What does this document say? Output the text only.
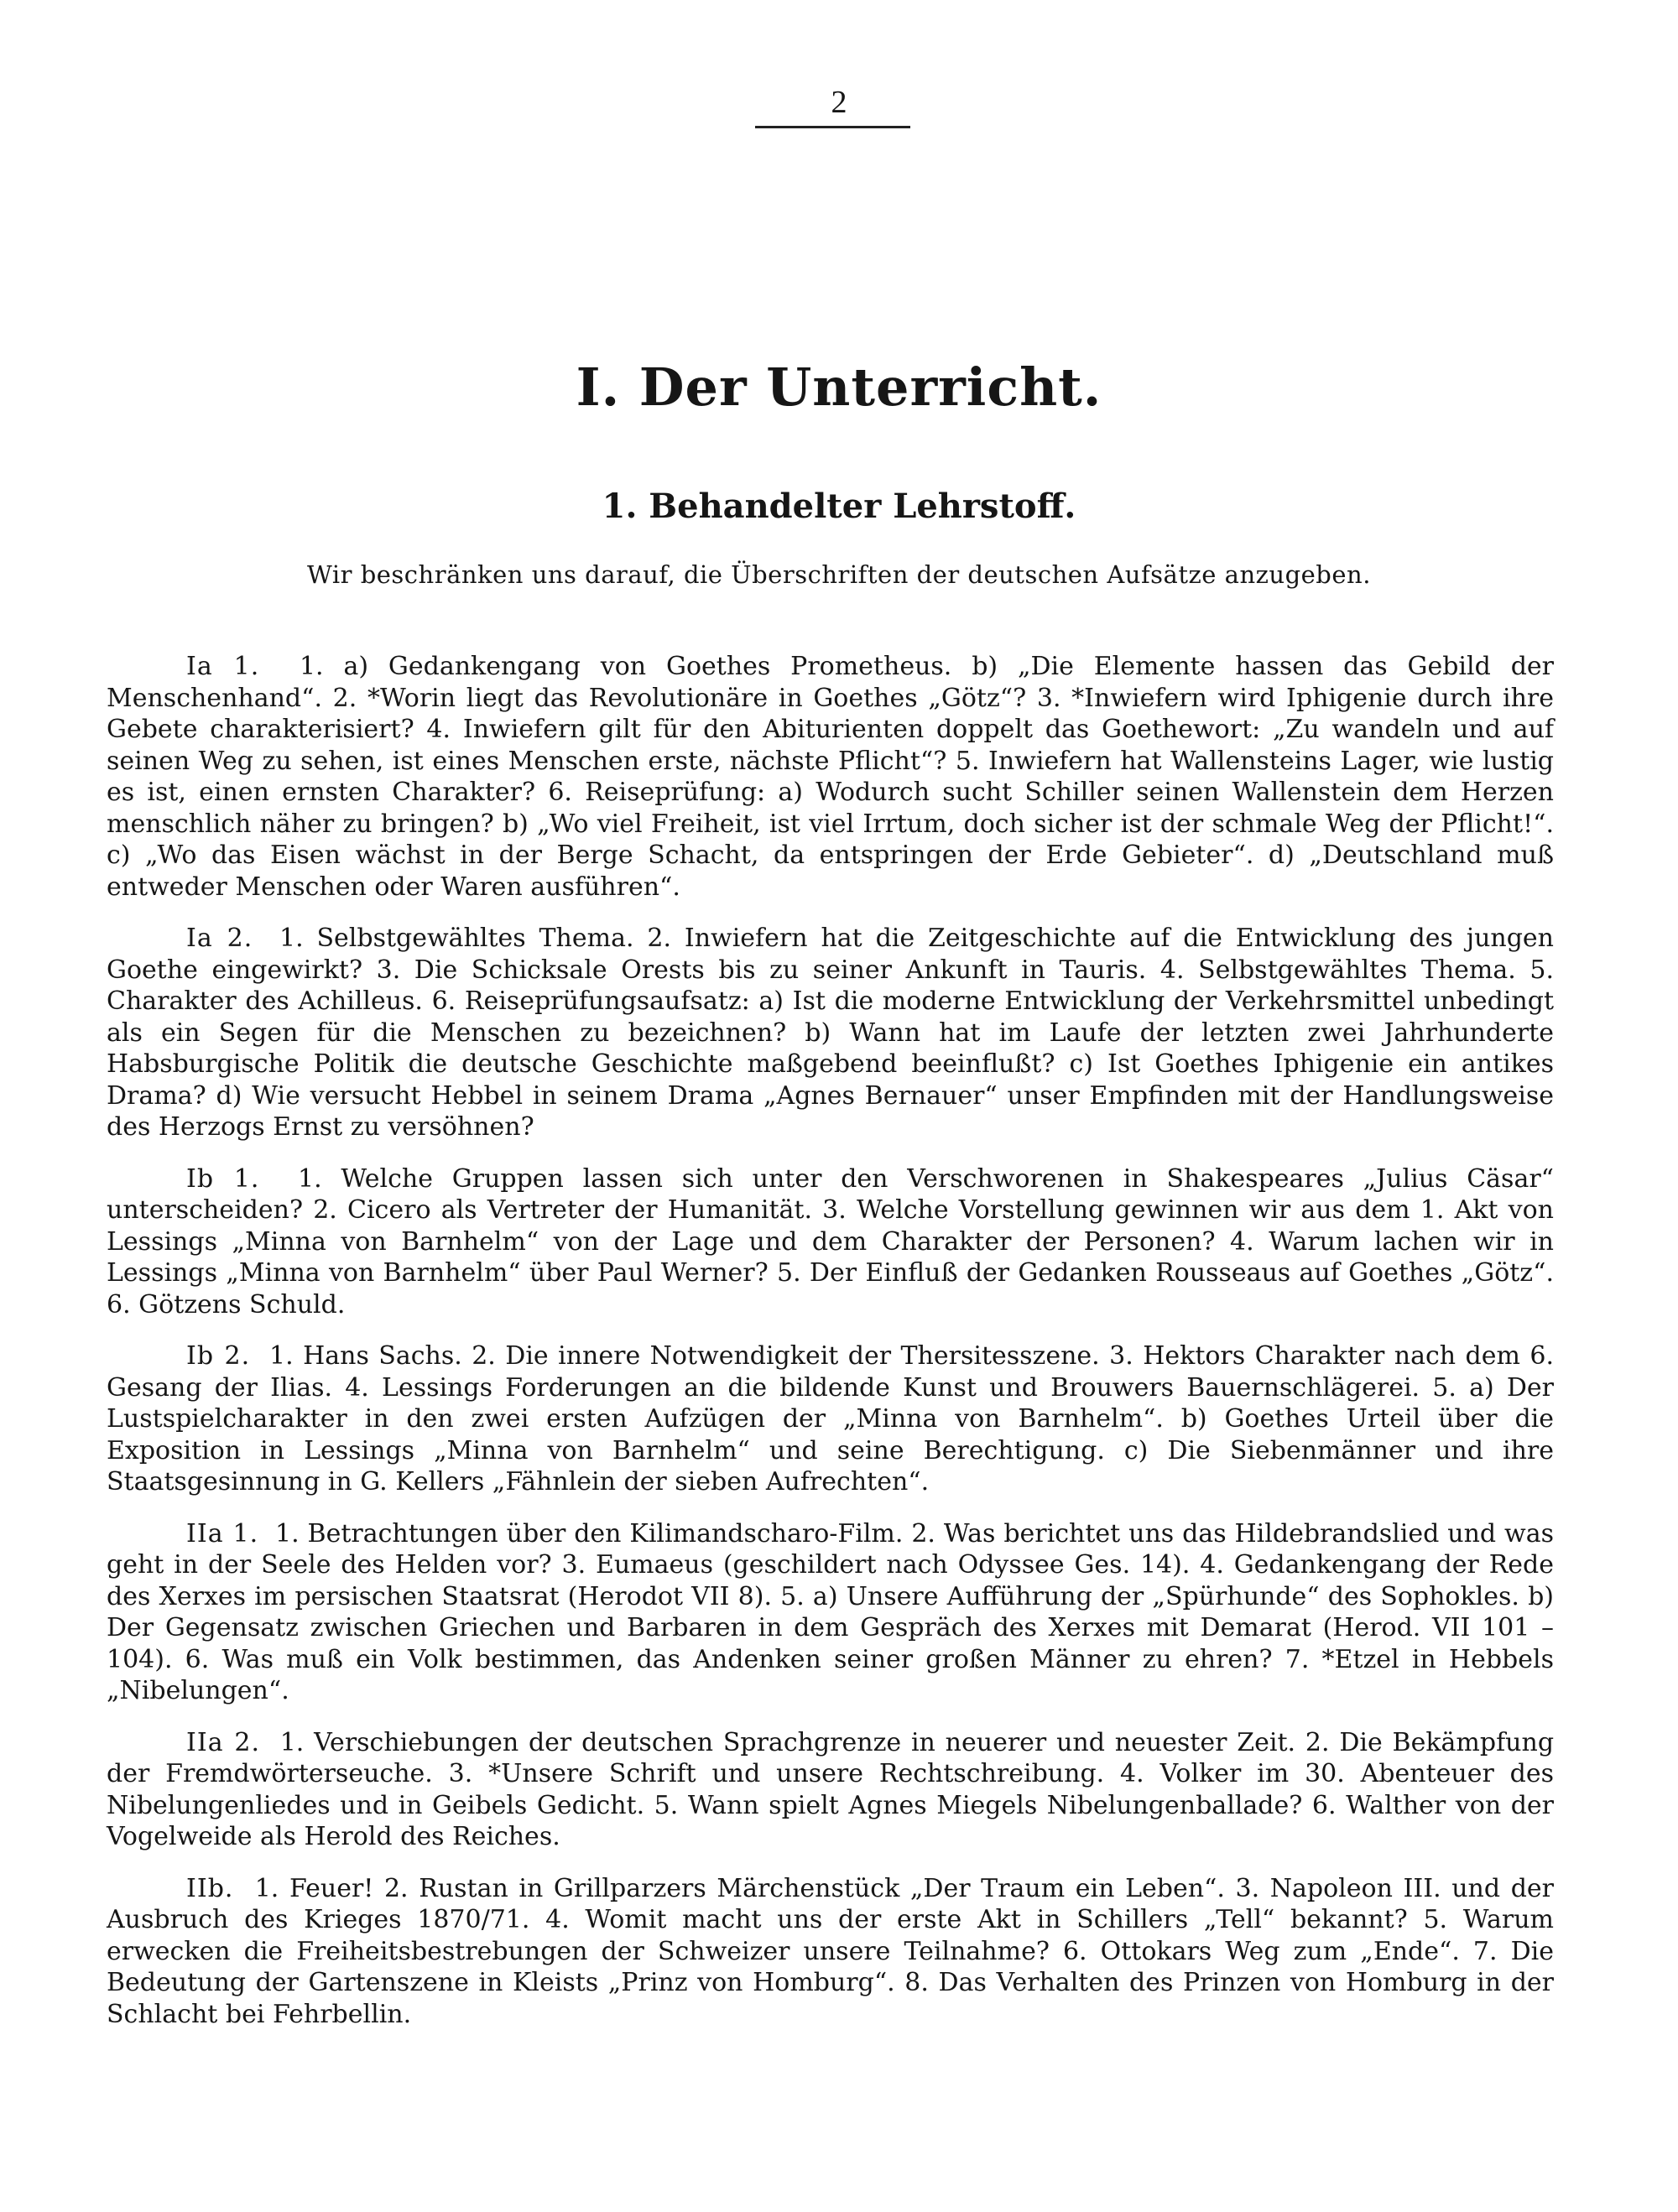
2
I. Der Unterricht.
1. Behandelter Lehrstoff.
Wir beschränken uns darauf, die Überschriften der deutschen Aufsätze anzugeben.

Ia 1. 1. a) Gedankengang von Goethes Prometheus. b) „Die Elemente hassen das Gebild der Menschenhand“. 2. *Worin liegt das Revolutionäre in Goethes „Götz“? 3. *Inwiefern wird Iphigenie durch ihre Gebete charakterisiert? 4. Inwiefern gilt für den Abiturienten doppelt das Goethewort: „Zu wandeln und auf seinen Weg zu sehen, ist eines Menschen erste, nächste Pflicht“? 5. Inwiefern hat Wallensteins Lager, wie lustig es ist, einen ernsten Charakter? 6. Reiseprüfung: a) Wodurch sucht Schiller seinen Wallenstein dem Herzen menschlich näher zu bringen? b) „Wo viel Freiheit, ist viel Irrtum, doch sicher ist der schmale Weg der Pflicht!“. c) „Wo das Eisen wächst in der Berge Schacht, da entspringen der Erde Gebieter“. d) „Deutschland muß entweder Menschen oder Waren ausführen“.

Ia 2. 1. Selbstgewähltes Thema. 2. Inwiefern hat die Zeitgeschichte auf die Entwicklung des jungen Goethe eingewirkt? 3. Die Schicksale Orests bis zu seiner Ankunft in Tauris. 4. Selbstgewähltes Thema. 5. Charakter des Achilleus. 6. Reiseprüfungsaufsatz: a) Ist die moderne Entwicklung der Verkehrsmittel unbedingt als ein Segen für die Menschen zu bezeichnen? b) Wann hat im Laufe der letzten zwei Jahrhunderte Habsburgische Politik die deutsche Geschichte maßgebend beeinflußt? c) Ist Goethes Iphigenie ein antikes Drama? d) Wie versucht Hebbel in seinem Drama „Agnes Bernauer“ unser Empfinden mit der Handlungsweise des Herzogs Ernst zu versöhnen?

Ib 1. 1. Welche Gruppen lassen sich unter den Verschworenen in Shakespeares „Julius Cäsar“ unterscheiden? 2. Cicero als Vertreter der Humanität. 3. Welche Vorstellung gewinnen wir aus dem 1. Akt von Lessings „Minna von Barnhelm“ von der Lage und dem Charakter der Personen? 4. Warum lachen wir in Lessings „Minna von Barnhelm“ über Paul Werner? 5. Der Einfluß der Gedanken Rousseaus auf Goethes „Götz“. 6. Götzens Schuld.

Ib 2. 1. Hans Sachs. 2. Die innere Notwendigkeit der Thersitesszene. 3. Hektors Charakter nach dem 6. Gesang der Ilias. 4. Lessings Forderungen an die bildende Kunst und Brouwers Bauernschlägerei. 5. a) Der Lustspielcharakter in den zwei ersten Aufzügen der „Minna von Barnhelm“. b) Goethes Urteil über die Exposition in Lessings „Minna von Barnhelm“ und seine Berechtigung. c) Die Siebenmänner und ihre Staatsgesinnung in G. Kellers „Fähnlein der sieben Aufrechten“.

IIa 1. 1. Betrachtungen über den Kilimandscharo-Film. 2. Was berichtet uns das Hildebrandslied und was geht in der Seele des Helden vor? 3. Eumaeus (geschildert nach Odyssee Ges. 14). 4. Gedankengang der Rede des Xerxes im persischen Staatsrat (Herodot VII 8). 5. a) Unsere Aufführung der „Spürhunde“ des Sophokles. b) Der Gegensatz zwischen Griechen und Barbaren in dem Gespräch des Xerxes mit Demarat (Herod. VII 101 – 104). 6. Was muß ein Volk bestimmen, das Andenken seiner großen Männer zu ehren? 7. *Etzel in Hebbels „Nibelungen“.

IIa 2. 1. Verschiebungen der deutschen Sprachgrenze in neuerer und neuester Zeit. 2. Die Bekämpfung der Fremdwörterseuche. 3. *Unsere Schrift und unsere Rechtschreibung. 4. Volker im 30. Abenteuer des Nibelungenliedes und in Geibels Gedicht. 5. Wann spielt Agnes Miegels Nibelungenballade? 6. Walther von der Vogelweide als Herold des Reiches.

IIb. 1. Feuer! 2. Rustan in Grillparzers Märchenstück „Der Traum ein Leben“. 3. Napoleon III. und der Ausbruch des Krieges 1870/71. 4. Womit macht uns der erste Akt in Schillers „Tell“ bekannt? 5. Warum erwecken die Freiheitsbestrebungen der Schweizer unsere Teilnahme? 6. Ottokars Weg zum „Ende“. 7. Die Bedeutung der Gartenszene in Kleists „Prinz von Homburg“. 8. Das Verhalten des Prinzen von Homburg in der Schlacht bei Fehrbellin.
